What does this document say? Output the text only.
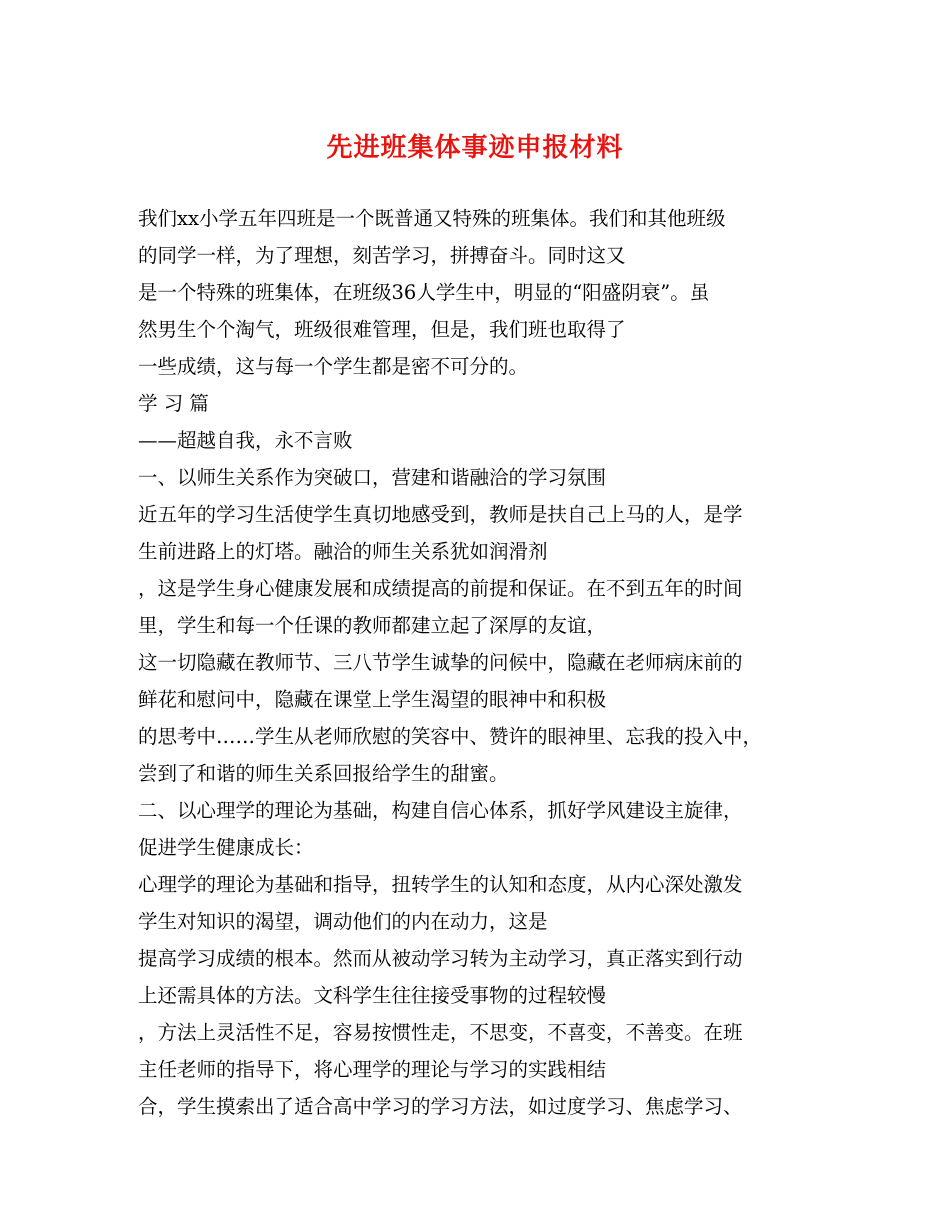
先进班集体事迹申报材料
我们xx小学五年四班是一个既普通又特殊的班集体。我们和其他班级
的同学一样，为了理想，刻苦学习，拼搏奋斗。同时这又
是一个特殊的班集体，在班级36人学生中，明显的“阳盛阴衰”。虽
然男生个个淘气，班级很难管理，但是，我们班也取得了
一些成绩，这与每一个学生都是密不可分的。
学 习 篇
——超越自我，永不言败
一、以师生关系作为突破口，营建和谐融洽的学习氛围
近五年的学习生活使学生真切地感受到，教师是扶自己上马的人，是学
生前进路上的灯塔。融洽的师生关系犹如润滑剂
，这是学生身心健康发展和成绩提高的前提和保证。在不到五年的时间
里，学生和每一个任课的教师都建立起了深厚的友谊，
这一切隐藏在教师节、三八节学生诚挚的问候中，隐藏在老师病床前的
鲜花和慰问中，隐藏在课堂上学生渴望的眼神中和积极
的思考中……学生从老师欣慰的笑容中、赞许的眼神里、忘我的投入中，
尝到了和谐的师生关系回报给学生的甜蜜。
二、以心理学的理论为基础，构建自信心体系，抓好学风建设主旋律，
促进学生健康成长：
心理学的理论为基础和指导，扭转学生的认知和态度，从内心深处激发
学生对知识的渴望，调动他们的内在动力，这是
提高学习成绩的根本。然而从被动学习转为主动学习，真正落实到行动
上还需具体的方法。文科学生往往接受事物的过程较慢
，方法上灵活性不足，容易按惯性走，不思变，不喜变，不善变。在班
主任老师的指导下，将心理学的理论与学习的实践相结
合，学生摸索出了适合高中学习的学习方法，如过度学习、焦虑学习、
